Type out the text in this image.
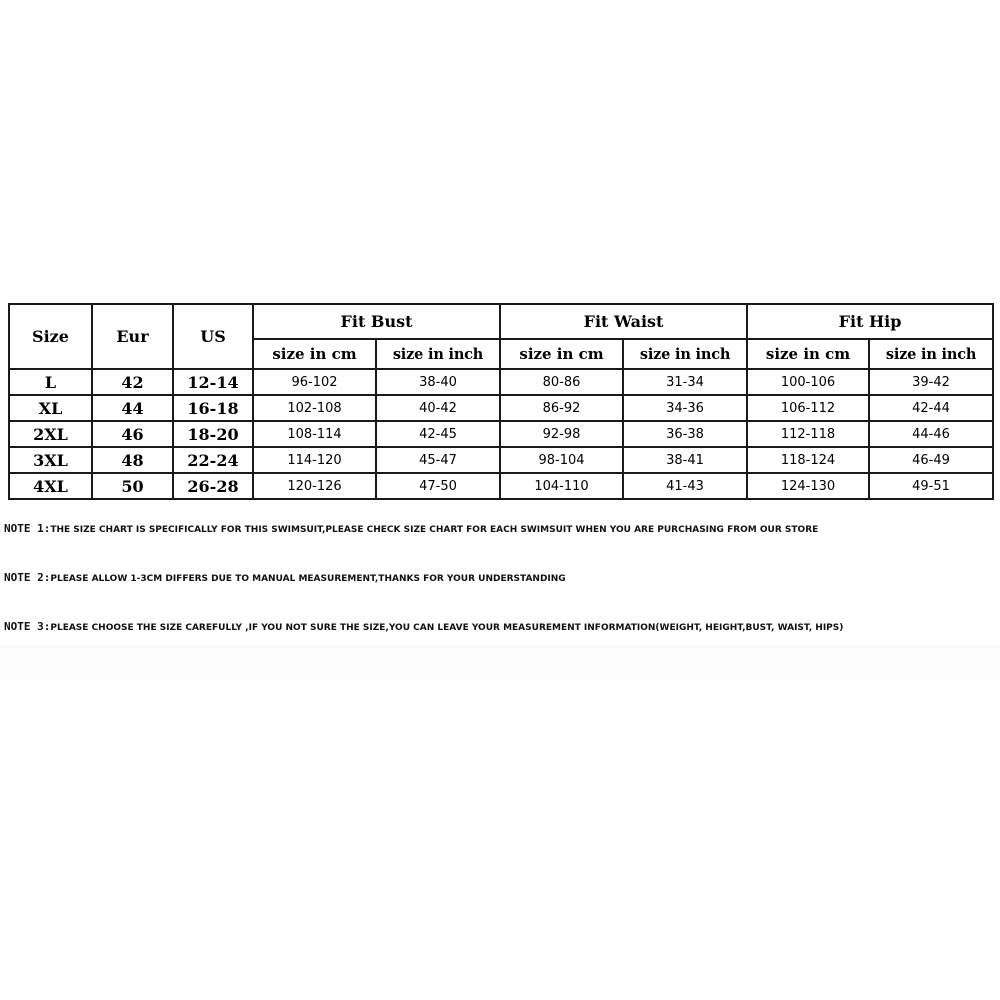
Size	Eur	US	Fit Bust		Fit Waist		Fit Hip	
			size in cm	size in inch	size in cm	size in inch	size in cm	size in inch
L	42	12-14	96-102	38-40	80-86	31-34	100-106	39-42
XL	44	16-18	102-108	40-42	86-92	34-36	106-112	42-44
2XL	46	18-20	108-114	42-45	92-98	36-38	112-118	44-46
3XL	48	22-24	114-120	45-47	98-104	38-41	118-124	46-49
4XL	50	26-28	120-126	47-50	104-110	41-43	124-130	49-51
NOTE 1:THE SIZE CHART IS SPECIFICALLY FOR THIS SWIMSUIT,PLEASE CHECK SIZE CHART FOR EACH SWIMSUIT WHEN YOU ARE PURCHASING FROM OUR STORE
NOTE 2:PLEASE ALLOW 1-3CM DIFFERS DUE TO MANUAL MEASUREMENT,THANKS FOR YOUR UNDERSTANDING
NOTE 3:PLEASE CHOOSE THE SIZE CAREFULLY ,IF YOU NOT SURE THE SIZE,YOU CAN LEAVE YOUR MEASUREMENT INFORMATION(WEIGHT, HEIGHT,BUST, WAIST, HIPS)
